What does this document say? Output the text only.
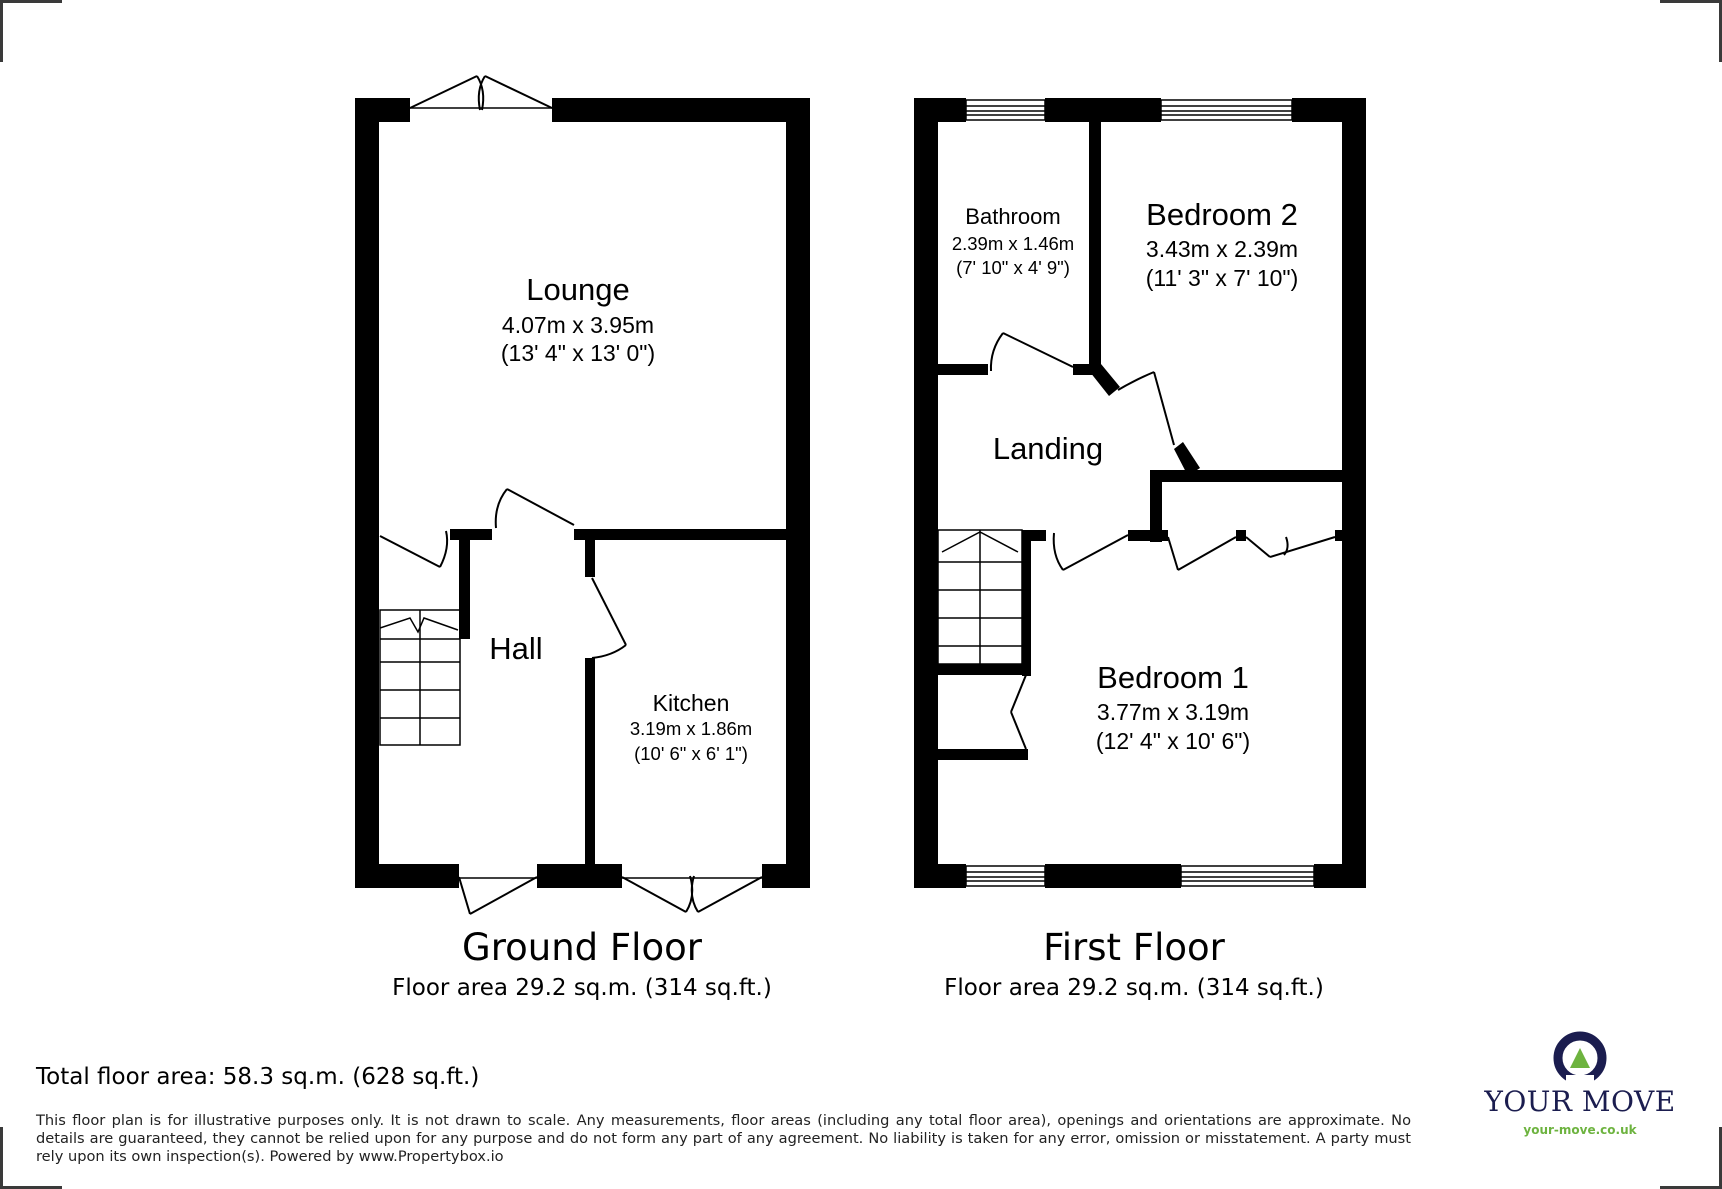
Lounge
4.07m x 3.95m
(13' 4" x 13' 0")
Hall
Kitchen
3.19m x 1.86m
(10' 6" x 6' 1")
Bathroom
2.39m x 1.46m
(7' 10" x 4' 9")
Bedroom 2
3.43m x 2.39m
(11' 3" x 7' 10")
Landing
Bedroom 1
3.77m x 3.19m
(12' 4" x 10' 6")
Ground Floor
Floor area 29.2 sq.m. (314 sq.ft.)
First Floor
Floor area 29.2 sq.m. (314 sq.ft.)
Total floor area: 58.3 sq.m. (628 sq.ft.)
This floor plan is for illustrative purposes only. It is not drawn to scale. Any measurements, floor areas (including any total floor area), openings and orientations are approximate. No details are guaranteed, they cannot be relied upon for any purpose and do not form any part of any agreement. No liability is taken for any error, omission or misstatement. A party must rely upon its own inspection(s). Powered by www.Propertybox.io
YOUR MOVE
your-move.co.uk
